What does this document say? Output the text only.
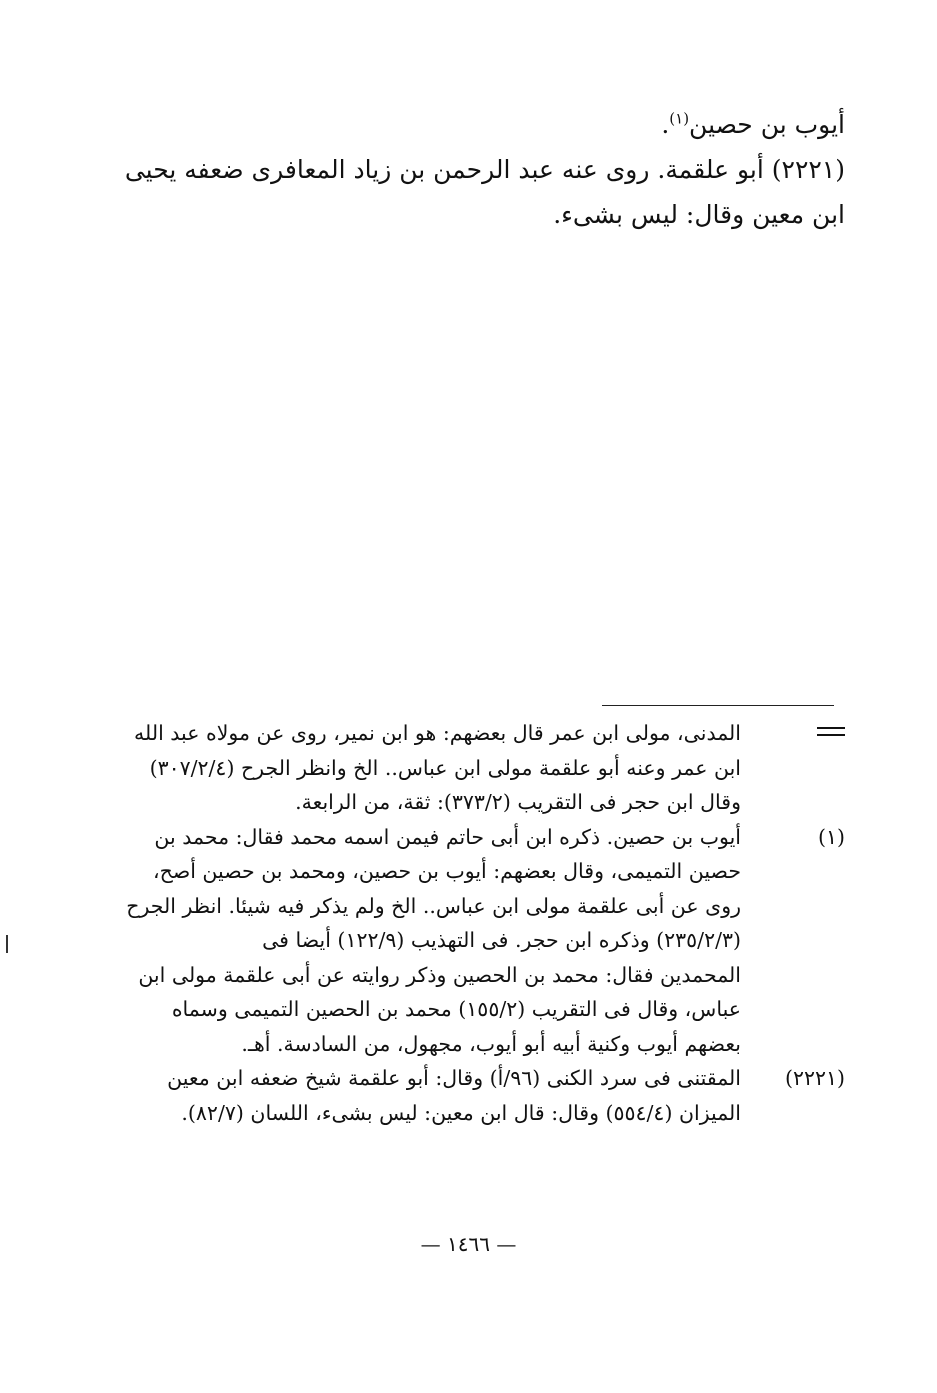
أيوب بن حصين$^{(١)}$.

(٢٢٢١) أبو علقمة. روى عنه عبد الرحمن بن زياد المعافرى ضعفه يحيى

ابن معين وقال: ليس بشىء.

المدنى، مولى ابن عمر قال بعضهم: هو ابن نمير، روى عن مولاه عبد الله

ابن عمر وعنه أبو علقمة مولى ابن عباس.. الخ وانظر الجرح (٣٠٧/٢/٤)

وقال ابن حجر فى التقريب (٣٧٣/٢): ثقة، من الرابعة.

(١)

أيوب بن حصين. ذكره ابن أبى حاتم فيمن اسمه محمد فقال: محمد بن

حصين التميمى، وقال بعضهم: أيوب بن حصين، ومحمد بن حصين أصح،

روى عن أبى علقمة مولى ابن عباس.. الخ ولم يذكر فيه شيئا. انظر الجرح

(٢٣٥/٢/٣) وذكره ابن حجر. فى التهذيب (١٢٢/٩) أيضا فى

المحمدين فقال: محمد بن الحصين وذكر روايته عن أبى علقمة مولى ابن

عباس، وقال فى التقريب (١٥٥/٢) محمد بن الحصين التميمى وسماه

بعضهم أيوب وكنية أبيه أبو أيوب، مجهول، من السادسة. أهـ.

(٢٢٢١)

المقتنى فى سرد الكنى (٩٦/أ) وقال: أبو علقمة شيخ ضعفه ابن معين

الميزان (٥٥٤/٤) وقال: قال ابن معين: ليس بشىء، اللسان (٨٢/٧).

— ١٤٦٦ —
